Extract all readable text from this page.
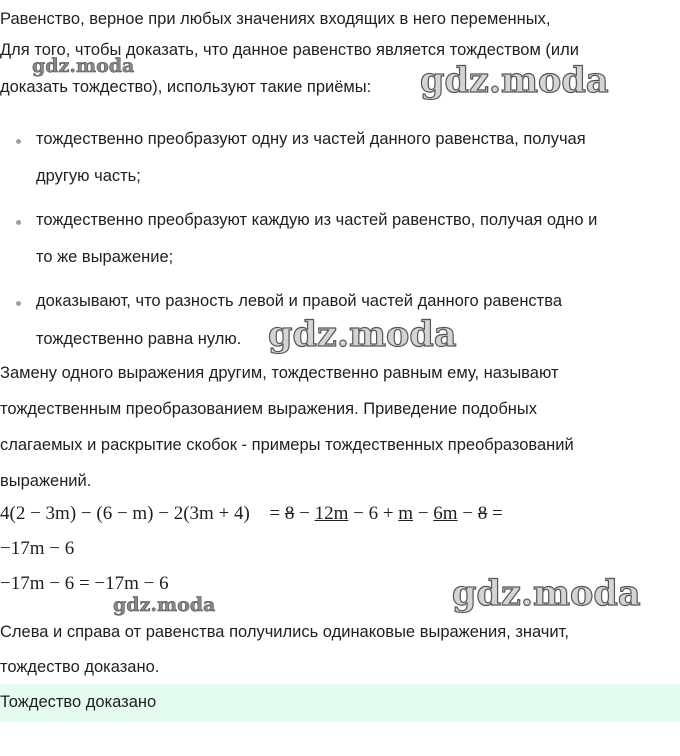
Равенство, верное при любых значениях входящих в него переменных,
Для того, чтобы доказать, что данное равенство является тождеством (или
доказать тождество), используют такие приёмы:
тождественно преобразуют одну из частей данного равенства, получая
другую часть;
тождественно преобразуют каждую из частей равенство, получая одно и
то же выражение;
доказывают, что разность левой и правой частей данного равенства
тождественно равна нулю.
Замену одного выражения другим, тождественно равным ему, называют
тождественным преобразованием выражения. Приведение подобных
слагаемых и раскрытие скобок - примеры тождественных преобразований
выражений.
4(2 − 3m) − (6 − m) − 2(3m + 4) = 8 − 12m − 6 + m − 6m − 8 =
−17m − 6
−17m − 6 = −17m − 6
Слева и справа от равенства получились одинаковые выражения, значит,
тождество доказано.
Тождество доказано
gdz.moda	gdz.moda
gdz.moda
gdz.moda
gdz.moda
